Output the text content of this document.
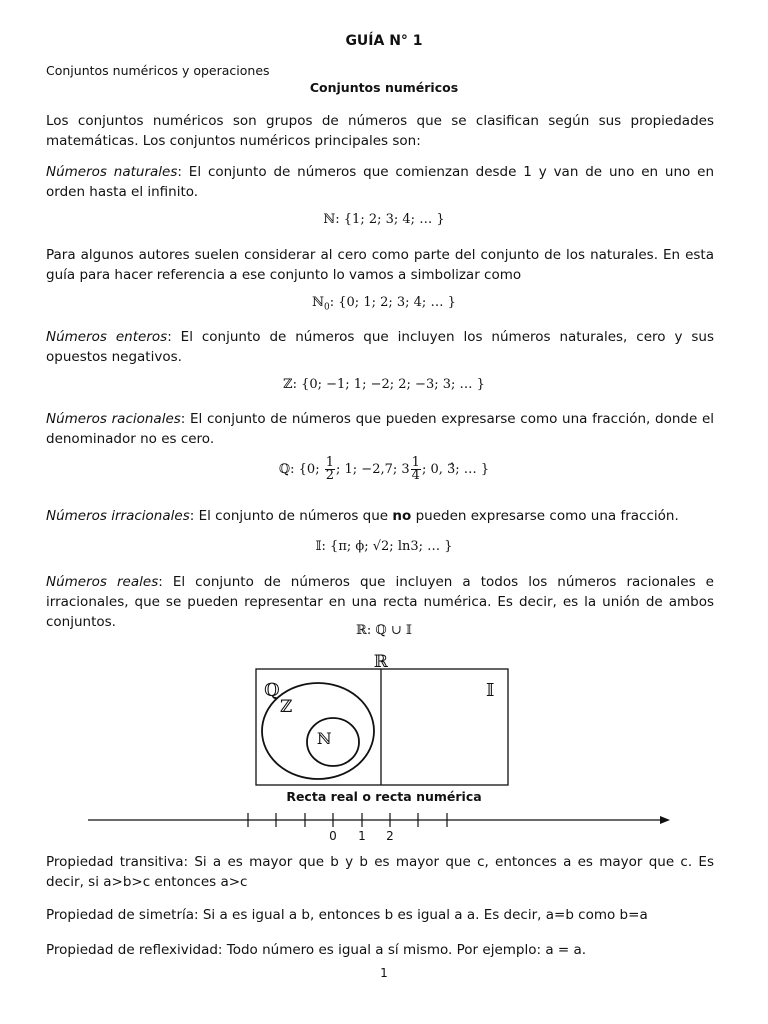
GUÍA N° 1
Conjuntos numéricos y operaciones
Conjuntos numéricos
Los conjuntos numéricos son grupos de números que se clasifican según sus propiedades matemáticas. Los conjuntos numéricos principales son:
Números naturales: El conjunto de números que comienzan desde 1 y van de uno en uno en orden hasta el infinito.
ℕ: {1; 2; 3; 4; … }
Para algunos autores suelen considerar al cero como parte del conjunto de los naturales. En esta guía para hacer referencia a ese conjunto lo vamos a simbolizar como
ℕ$_0$: {0; 1; 2; 3; 4; … }
Números enteros: El conjunto de números que incluyen los números naturales, cero y sus opuestos negativos.
ℤ: {0; −1; 1; −2; 2; −3; 3; … }
Números racionales: El conjunto de números que pueden expresarse como una fracción, donde el denominador no es cero.
ℚ: {0; $\frac{1}{2}$ ; 1; −2,7; $3 \frac{1}{4}$ ; 0, 3̂; … }
Números irracionales: El conjunto de números que no pueden expresarse como una fracción.
𝕀: {π; ϕ; √2; ln3; … }
Números reales: El conjunto de números que incluyen a todos los números racionales e irracionales, que se pueden representar en una recta numérica. Es decir, es la unión de ambos conjuntos.
ℝ: ℚ ∪ 𝕀
ℝ
ℚ
ℤ
ℕ
𝕀
Recta real o recta numérica
0 1 2
Propiedad transitiva: Si a es mayor que b y b es mayor que c, entonces a es mayor que c. Es decir, si a>b>c entonces a>c
Propiedad de simetría: Si a es igual a b, entonces b es igual a a. Es decir, a=b como b=a
Propiedad de reflexividad: Todo número es igual a sí mismo. Por ejemplo: a = a.
1
